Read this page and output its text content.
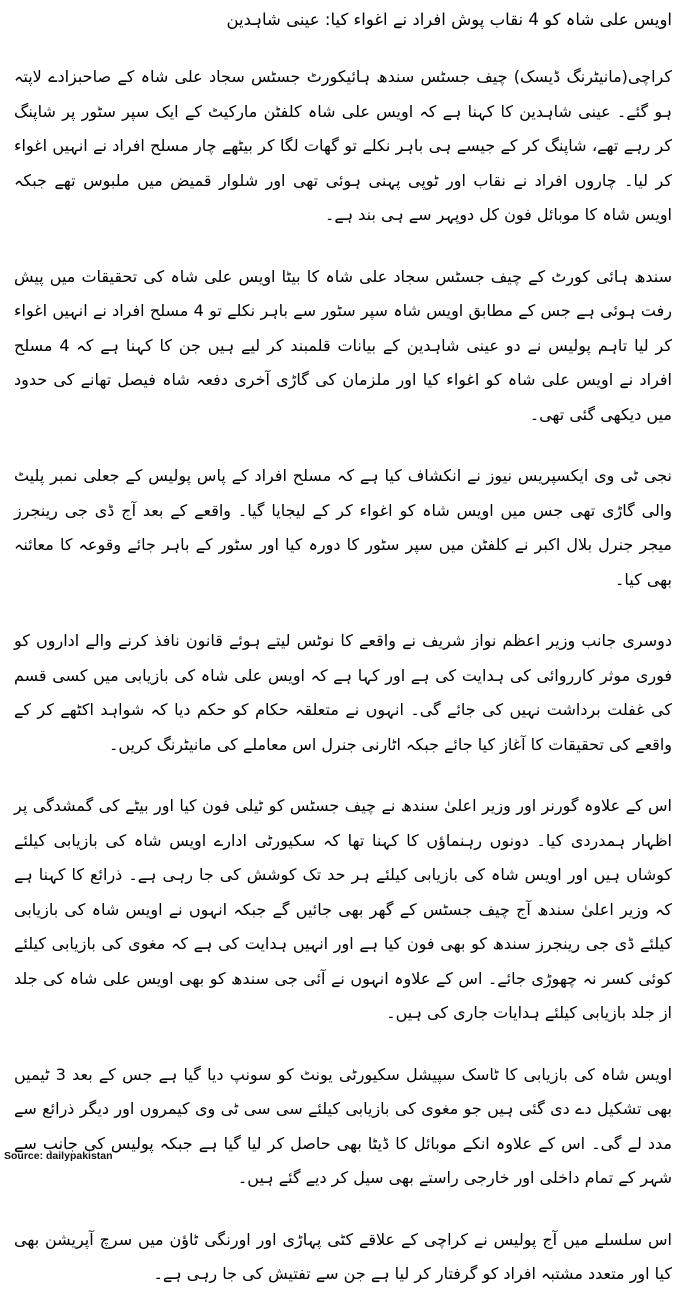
اویس علی شاہ کو 4 نقاب پوش افراد نے اغواء کیا: عینی شاہدین

کراچی(مانیٹرنگ ڈیسک) چیف جسٹس سندھ ہائیکورٹ جسٹس سجاد علی شاہ کے صاحبزادے لاپتہ ہو گئے۔ عینی شاہدین کا کہنا ہے کہ اویس علی شاہ کلفٹن مارکیٹ کے ایک سپر سٹور پر شاپنگ کر رہے تھے، شاپنگ کر کے جیسے ہی باہر نکلے تو گھات لگا کر بیٹھے چار مسلح افراد نے انہیں اغواء کر لیا۔ چاروں افراد نے نقاب اور ٹوپی پہنی ہوئی تھی اور شلوار قمیض میں ملبوس تھے جبکہ اویس شاہ کا موبائل فون کل دوپہر سے ہی بند ہے۔

سندھ ہائی کورٹ کے چیف جسٹس سجاد علی شاہ کا بیٹا اویس علی شاہ کی تحقیقات میں پیش رفت ہوئی ہے جس کے مطابق اویس شاہ سپر سٹور سے باہر نکلے تو 4 مسلح افراد نے انہیں اغواء کر لیا تاہم پولیس نے دو عینی شاہدین کے بیانات قلمبند کر لیے ہیں جن کا کہنا ہے کہ 4 مسلح افراد نے اویس علی شاہ کو اغواء کیا اور ملزمان کی گاڑی آخری دفعہ شاہ فیصل تھانے کی حدود میں دیکھی گئی تھی۔

نجی ٹی وی ایکسپریس نیوز نے انکشاف کیا ہے کہ مسلح افراد کے پاس پولیس کے جعلی نمبر پلیٹ والی گاڑی تھی جس میں اویس شاہ کو اغواء کر کے لیجایا گیا۔ واقعے کے بعد آج ڈی جی رینجرز میجر جنرل بلال اکبر نے کلفٹن میں سپر سٹور کا دورہ کیا اور سٹور کے باہر جائے وقوعہ کا معائنہ بھی کیا۔

دوسری جانب وزیر اعظم نواز شریف نے واقعے کا نوٹس لیتے ہوئے قانون نافذ کرنے والے اداروں کو فوری موثر کارروائی کی ہدایت کی ہے اور کہا ہے کہ اویس علی شاہ کی بازیابی میں کسی قسم کی غفلت برداشت نہیں کی جائے گی۔ انہوں نے متعلقہ حکام کو حکم دیا کہ شواہد اکٹھے کر کے واقعے کی تحقیقات کا آغاز کیا جائے جبکہ اٹارنی جنرل اس معاملے کی مانیٹرنگ کریں۔

اس کے علاوہ گورنر اور وزیر اعلیٰ سندھ نے چیف جسٹس کو ٹیلی فون کیا اور بیٹے کی گمشدگی پر اظہار ہمدردی کیا۔ دونوں رہنماؤں کا کہنا تھا کہ سکیورٹی ادارے اویس شاہ کی بازیابی کیلئے کوشاں ہیں اور اویس شاہ کی بازیابی کیلئے ہر حد تک کوشش کی جا رہی ہے۔ ذرائع کا کہنا ہے کہ وزیر اعلیٰ سندھ آج چیف جسٹس کے گھر بھی جائیں گے جبکہ انہوں نے اویس شاہ کی بازیابی کیلئے ڈی جی رینجرز سندھ کو بھی فون کیا ہے اور انہیں ہدایت کی ہے کہ مغوی کی بازیابی کیلئے کوئی کسر نہ چھوڑی جائے۔ اس کے علاوہ انہوں نے آئی جی سندھ کو بھی اویس علی شاہ کی جلد از جلد بازیابی کیلئے ہدایات جاری کی ہیں۔

اویس شاہ کی بازیابی کا ٹاسک سپیشل سکیورٹی یونٹ کو سونپ دیا گیا ہے جس کے بعد 3 ٹیمیں بھی تشکیل دے دی گئی ہیں جو مغوی کی بازیابی کیلئے سی سی ٹی وی کیمروں اور دیگر ذرائع سے مدد لے گی۔ اس کے علاوہ انکے موبائل کا ڈیٹا بھی حاصل کر لیا گیا ہے جبکہ پولیس کی جانب سے شہر کے تمام داخلی اور خارجی راستے بھی سیل کر دیے گئے ہیں۔

اس سلسلے میں آج پولیس نے کراچی کے علاقے کٹی پہاڑی اور اورنگی ٹاؤن میں سرچ آپریشن بھی کیا اور متعدد مشتبہ افراد کو گرفتار کر لیا ہے جن سے تفتیش کی جا رہی ہے۔

Source: dailypakistan
